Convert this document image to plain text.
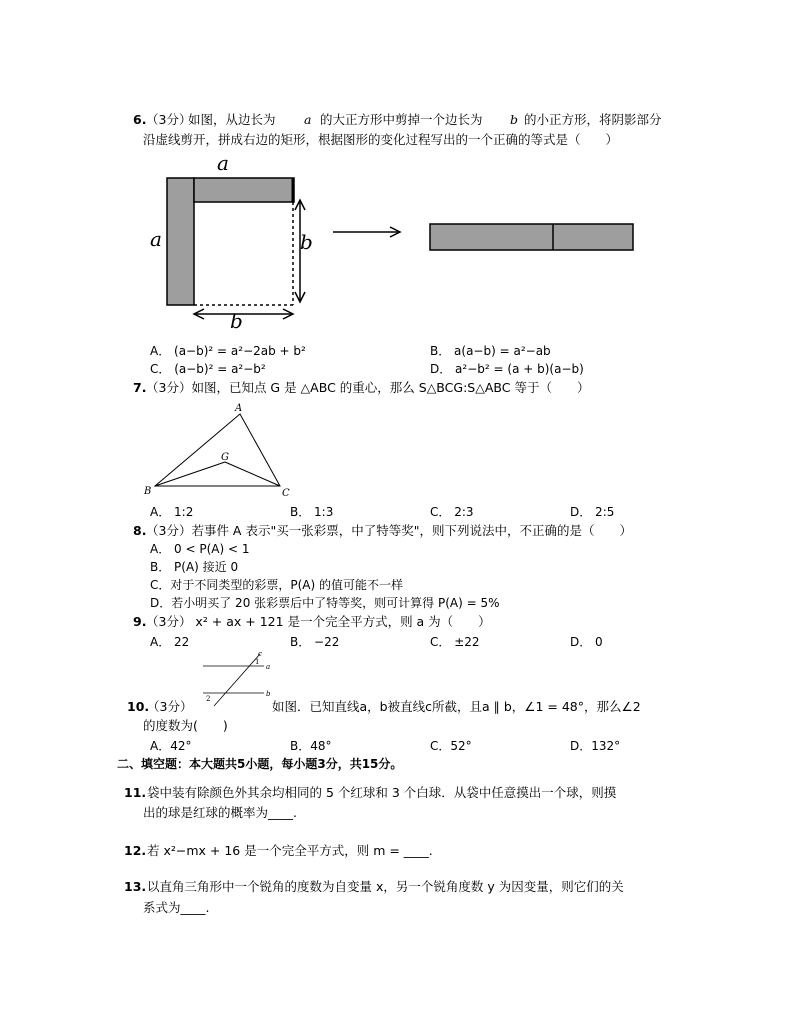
6. （3分）
如图，从边长为 a 的大正方形中剪掉一个边长为 b 的小正方形，将阴影部分
沿虚线剪开，拼成右边的矩形，根据图形的变化过程写出的一个正确的等式是（　　）
a
a	b
b
A． (a−b)² = a²−2ab + b²	B． a(a−b) = a²−ab
C． (a−b)² = a²−b²	D． a²−b² = (a + b)(a−b)
7. （3分）如图，已知点 G 是 △ABC 的重心，那么 S△BCG:S△ABC 等于（　　）
A
G
B	C
A． 1:2	B． 1:3	C． 2:3	D． 2:5
8. （3分）若事件 A 表示"买一张彩票，中了特等奖"，则下列说法中，不正确的是（　　）
A． 0 < P(A) < 1
B． P(A) 接近 0
C．对于不同类型的彩票，P(A) 的值可能不一样
D．若小明买了 20 张彩票后中了特等奖，则可计算得 P(A) = 5%
9. （3分） x² + ax + 121 是一个完全平方式，则 a 为（　　）
A． 22	B． −22	C． ±22	D． 0
c
a
b
1
2
10.
（3分）	如图．已知直线a，b被直线c所截，且a ∥ b，∠1 = 48°，那么∠2
的度数为(　　)
A．42°	B．48°	C．52°	D．132°
二、填空题：本大题共5小题，每小题3分，共15分。
11. 袋中装有除颜色外其余均相同的 5 个红球和 3 个白球．从袋中任意摸出一个球，则摸
出的球是红球的概率为____.
12. 若 x²−mx + 16 是一个完全平方式，则 m = ____.
13. 以直角三角形中一个锐角的度数为自变量 x，另一个锐角度数 y 为因变量，则它们的关
系式为____.
